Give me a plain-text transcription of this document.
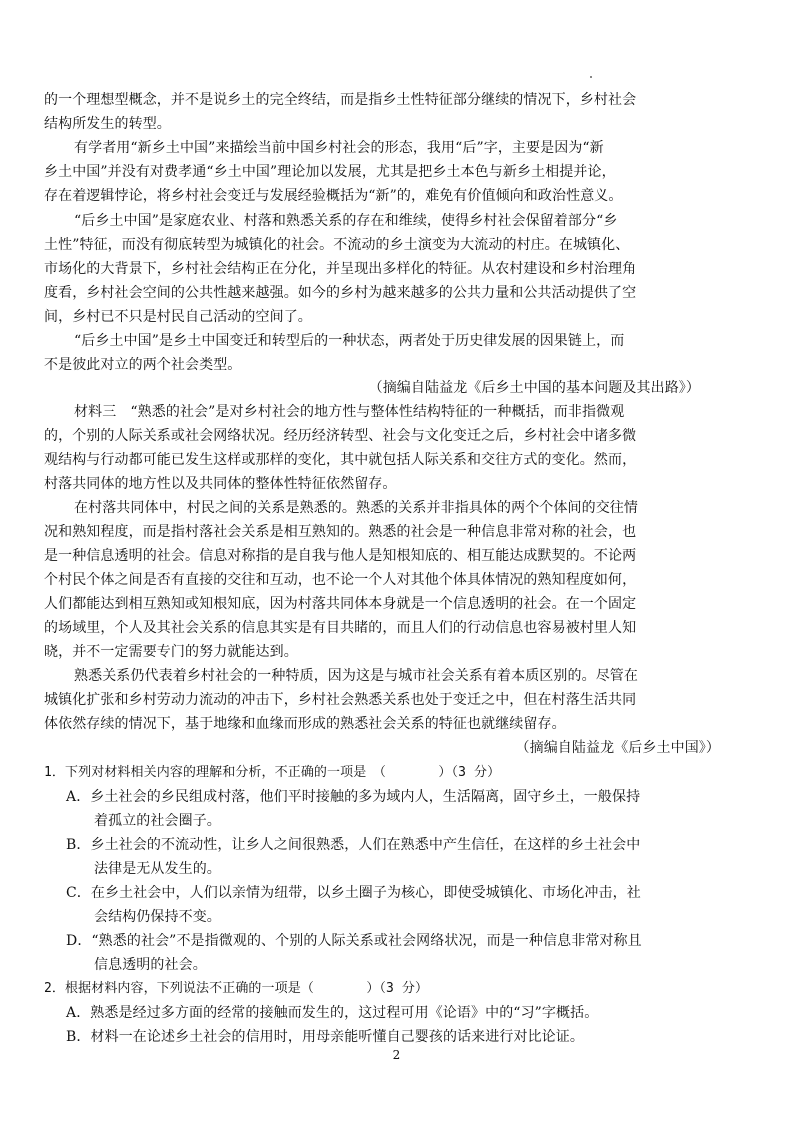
的一个理想型概念，并不是说乡土的完全终结，而是指乡土性特征部分继续的情况下，乡村社会
结构所发生的转型。
有学者用“新乡土中国”来描绘当前中国乡村社会的形态，我用“后”字，主要是因为“新
乡土中国”并没有对费孝通“乡土中国”理论加以发展，尤其是把乡土本色与新乡土相提并论，
存在着逻辑悖论，将乡村社会变迁与发展经验概括为“新”的，难免有价值倾向和政治性意义。
“后乡土中国”是家庭农业、村落和熟悉关系的存在和维续，使得乡村社会保留着部分“乡
土性”特征，而没有彻底转型为城镇化的社会。不流动的乡土演变为大流动的村庄。在城镇化、
市场化的大背景下，乡村社会结构正在分化，并呈现出多样化的特征。从农村建设和乡村治理角
度看，乡村社会空间的公共性越来越强。如今的乡村为越来越多的公共力量和公共活动提供了空
间，乡村已不只是村民自己活动的空间了。
“后乡土中国”是乡土中国变迁和转型后的一种状态，两者处于历史律发展的因果链上，而
不是彼此对立的两个社会类型。
（摘编自陆益龙《后乡土中国的基本问题及其出路》）
材料三　“熟悉的社会”是对乡村社会的地方性与整体性结构特征的一种概括，而非指微观
的，个别的人际关系或社会网络状况。经历经济转型、社会与文化变迁之后，乡村社会中诸多微
观结构与行动都可能已发生这样或那样的变化，其中就包括人际关系和交往方式的变化。然而，
村落共同体的地方性以及共同体的整体性特征依然留存。
在村落共同体中，村民之间的关系是熟悉的。熟悉的关系并非指具体的两个个体间的交往情
况和熟知程度，而是指村落社会关系是相互熟知的。熟悉的社会是一种信息非常对称的社会，也
是一种信息透明的社会。信息对称指的是自我与他人是知根知底的、相互能达成默契的。不论两
个村民个体之间是否有直接的交往和互动，也不论一个人对其他个体具体情况的熟知程度如何，
人们都能达到相互熟知或知根知底，因为村落共同体本身就是一个信息透明的社会。在一个固定
的场域里，个人及其社会关系的信息其实是有目共睹的，而且人们的行动信息也容易被村里人知
晓，并不一定需要专门的努力就能达到。
熟悉关系仍代表着乡村社会的一种特质，因为这是与城市社会关系有着本质区别的。尽管在
城镇化扩张和乡村劳动力流动的冲击下，乡村社会熟悉关系也处于变迁之中，但在村落生活共同
体依然存续的情况下，基于地缘和血缘而形成的熟悉社会关系的特征也就继续留存。
（摘编自陆益龙《后乡土中国》）
1．下列对材料相关内容的理解和分析，不正确的一项是　（　　　　）（3 分）
A．乡土社会的乡民组成村落，他们平时接触的多为域内人，生活隔离，固守乡土，一般保持
着孤立的社会圈子。
B．乡土社会的不流动性，让乡人之间很熟悉，人们在熟悉中产生信任，在这样的乡土社会中
法律是无从发生的。
C．在乡土社会中，人们以亲情为纽带，以乡土圈子为核心，即使受城镇化、市场化冲击，社
会结构仍保持不变。
D．“熟悉的社会”不是指微观的、个别的人际关系或社会网络状况，而是一种信息非常对称且
信息透明的社会。
2．根据材料内容，下列说法不正确的一项是（　　　　）（3 分）
A．熟悉是经过多方面的经常的接触而发生的，这过程可用《论语》中的“习”字概括。
B．材料一在论述乡土社会的信用时，用母亲能听懂自己婴孩的话来进行对比论证。
2
